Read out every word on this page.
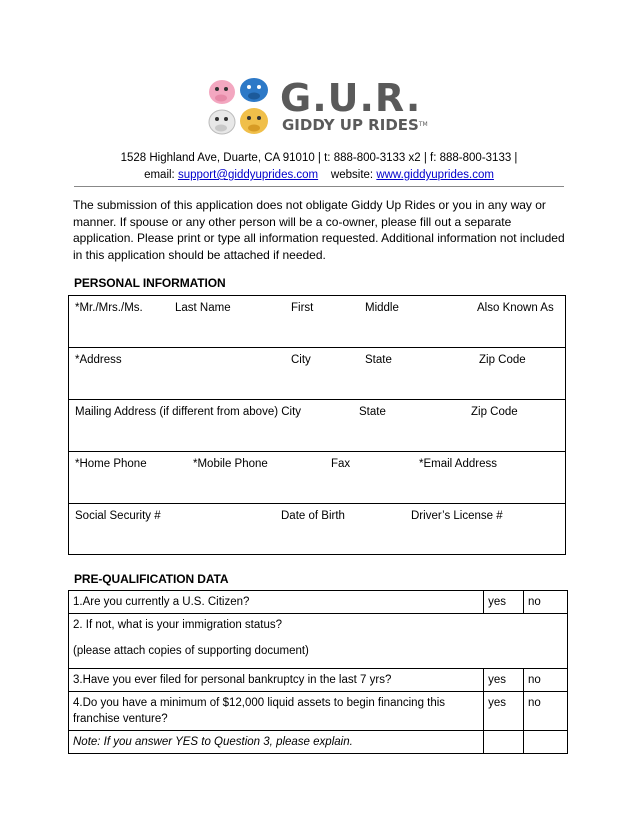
G.U.R.
GIDDY UP RIDES™
1528 Highland Ave, Duarte, CA 91010 | t: 888-800-3133 x2 | f: 888-800-3133 |
email: support@giddyuprides.com website: www.giddyuprides.com
The submission of this application does not obligate Giddy Up Rides or you in any way or manner. If spouse or any other person will be a co-owner, please fill out a separate application. Please print or type all information requested. Additional information not included in this application should be attached if needed.
PERSONAL INFORMATION
*Mr./Mrs./Ms.	Last Name	First	Middle	Also Known As
*Address	City	State	Zip Code
Mailing Address (if different from above) City	State	Zip Code
*Home Phone	*Mobile Phone	Fax	*Email Address
Social Security #	Date of Birth	Driver’s License #
PRE-QUALIFICATION DATA
1.Are you currently a U.S. Citizen?	yes	no

2. If not, what is your immigration status?
(please attach copies of supporting document)		

3.Have you ever filed for personal bankruptcy in the last 7 yrs?	yes	no
4.Do you have a minimum of $12,000 liquid assets to begin financing this franchise venture?	yes	no
Note: If you answer YES to Question 3, please explain.		
